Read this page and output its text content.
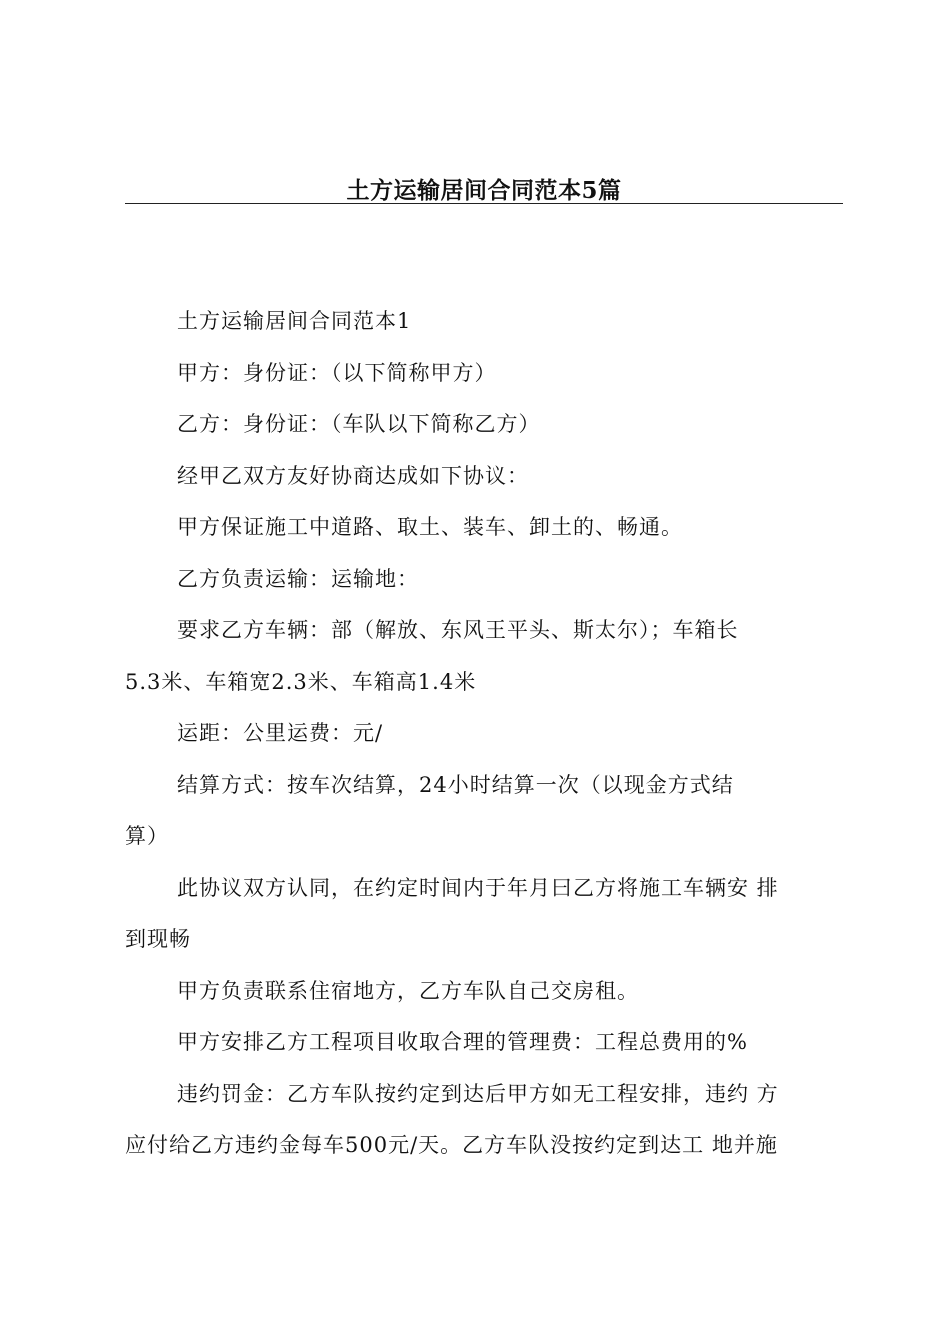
土方运输居间合同范本5篇

土方运输居间合同范本1

甲方：身份证：（以下简称甲方）

乙方：身份证：（车队以下简称乙方）

经甲乙双方友好协商达成如下协议：

甲方保证施工中道路、取土、装车、卸土的、畅通。

乙方负责运输：运输地：

要求乙方车辆：部（解放、东风王平头、斯太尔）；车箱长

5.3米、车箱宽2.3米、车箱高1.4米

运距：公里运费：元/

结算方式：按车次结算，24小时结算一次（以现金方式结

算）

此协议双方认同，在约定时间内于年月曰乙方将施工车辆安 排

到现畅

甲方负责联系住宿地方，乙方车队自己交房租。

甲方安排乙方工程项目收取合理的管理费：工程总费用的%

违约罚金：乙方车队按约定到达后甲方如无工程安排，违约 方

应付给乙方违约金每车500元/天。乙方车队没按约定到达工 地并施
